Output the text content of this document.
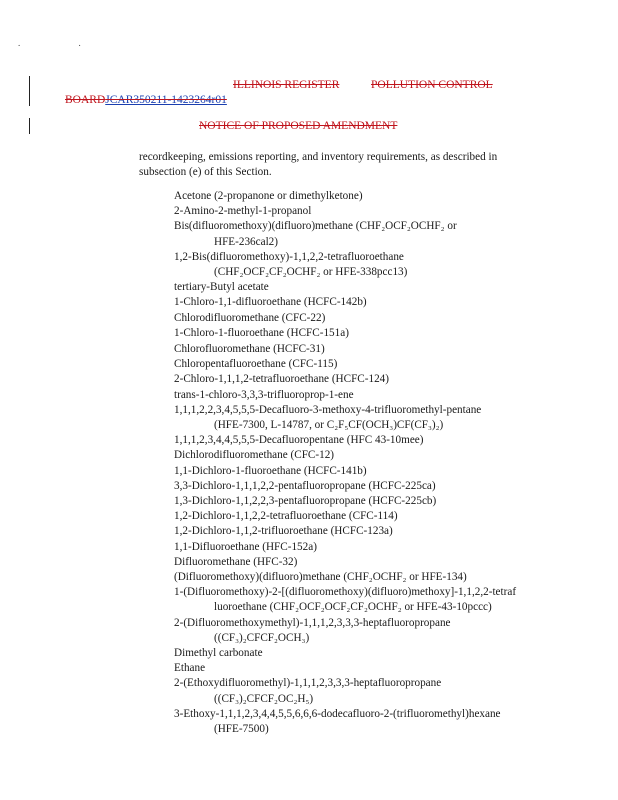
. .
ILLINOIS REGISTER	POLLUTION CONTROL
BOARDJCAR350211-1423264r01
NOTICE OF PROPOSED AMENDMENT
recordkeeping, emissions reporting, and inventory requirements, as described in subsection (e) of this Section.
Acetone (2-propanone or dimethylketone)
2-Amino-2-methyl-1-propanol
Bis(difluoromethoxy)(difluoro)methane (CHF₂OCF₂OCHF₂ or
HFE-236cal2)
1,2-Bis(difluoromethoxy)-1,1,2,2-tetrafluoroethane
(CHF₂OCF₂CF₂OCHF₂ or HFE-338pcc13)
tertiary-Butyl acetate
1-Chloro-1,1-difluoroethane (HCFC-142b)
Chlorodifluoromethane (CFC-22)
1-Chloro-1-fluoroethane (HCFC-151a)
Chlorofluoromethane (HCFC-31)
Chloropentafluoroethane (CFC-115)
2-Chloro-1,1,1,2-tetrafluoroethane (HCFC-124)
trans-1-chloro-3,3,3-trifluoroprop-1-ene
1,1,1,2,2,3,4,5,5,5-Decafluoro-3-methoxy-4-trifluoromethyl-pentane
(HFE-7300, L-14787, or C₂F₅CF(OCH₃)CF(CF₃)₂)
1,1,1,2,3,4,4,5,5,5-Decafluoropentane (HFC 43-10mee)
Dichlorodifluoromethane (CFC-12)
1,1-Dichloro-1-fluoroethane (HCFC-141b)
3,3-Dichloro-1,1,1,2,2-pentafluoropropane (HCFC-225ca)
1,3-Dichloro-1,1,2,2,3-pentafluoropropane (HCFC-225cb)
1,2-Dichloro-1,1,2,2-tetrafluoroethane (CFC-114)
1,2-Dichloro-1,1,2-trifluoroethane (HCFC-123a)
1,1-Difluoroethane (HFC-152a)
Difluoromethane (HFC-32)
(Difluoromethoxy)(difluoro)methane (CHF₂OCHF₂ or HFE-134)
1-(Difluoromethoxy)-2-[(difluoromethoxy)(difluoro)methoxy]-1,1,2,2-tetraf
luoroethane (CHF₂OCF₂OCF₂CF₂OCHF₂ or HFE-43-10pccc)
2-(Difluoromethoxymethyl)-1,1,1,2,3,3,3-heptafluoropropane
((CF₃)₂CFCF₂OCH₃)
Dimethyl carbonate
Ethane
2-(Ethoxydifluoromethyl)-1,1,1,2,3,3,3-heptafluoropropane
((CF₃)₂CFCF₂OC₂H₅)
3-Ethoxy-1,1,1,2,3,4,4,5,5,6,6,6-dodecafluoro-2-(trifluoromethyl)hexane
(HFE-7500)
